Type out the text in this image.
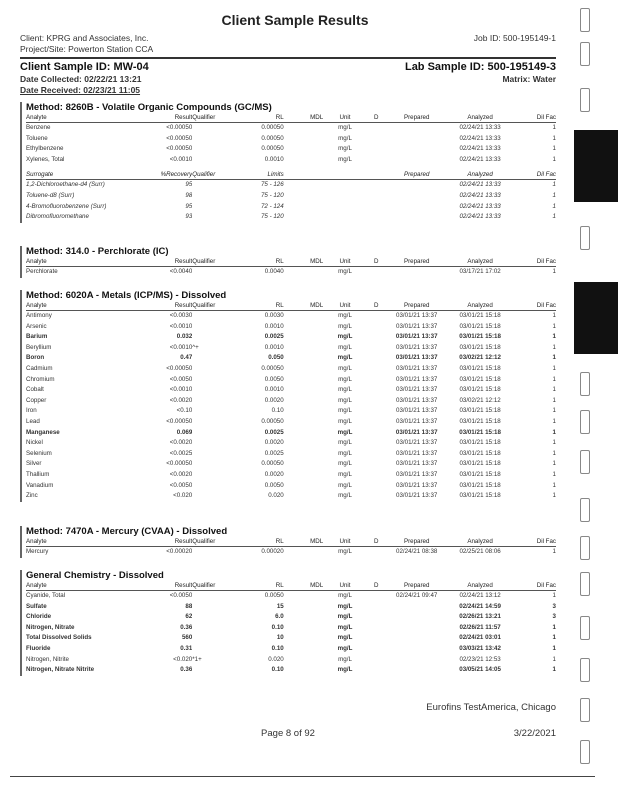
Client Sample Results
Client: KPRG and Associates, Inc.
Project/Site: Powerton Station CCA
Job ID: 500-195149-1
Client Sample ID: MW-04	Lab Sample ID: 500-195149-3
Date Collected: 02/22/21 13:21	Matrix: Water
Date Received: 02/23/21 11:05
Method: 8260B - Volatile Organic Compounds (GC/MS)
Analyte	Result	Qualifier	RL	MDL	Unit	D	Prepared	Analyzed	Dil Fac
Benzene	<0.00050		0.00050		mg/L			02/24/21 13:33	1
Toluene	<0.00050		0.00050		mg/L			02/24/21 13:33	1
Ethylbenzene	<0.00050		0.00050		mg/L			02/24/21 13:33	1
Xylenes, Total	<0.0010		0.0010		mg/L			02/24/21 13:33	1
Surrogate	%Recovery	Qualifier	Limits				Prepared	Analyzed	Dil Fac
1,2-Dichloroethane-d4 (Surr)	95		75 - 126					02/24/21 13:33	1
Toluene-d8 (Surr)	98		75 - 120					02/24/21 13:33	1
4-Bromofluorobenzene (Surr)	95		72 - 124					02/24/21 13:33	1
Dibromofluoromethane	93		75 - 120					02/24/21 13:33	1
Method: 314.0 - Perchlorate (IC)
Analyte	Result	Qualifier	RL	MDL	Unit	D	Prepared	Analyzed	Dil Fac
Perchlorate	<0.0040		0.0040		mg/L			03/17/21 17:02	1
Method: 6020A - Metals (ICP/MS) - Dissolved
Analyte	Result	Qualifier	RL	MDL	Unit	D	Prepared	Analyzed	Dil Fac
Antimony	<0.0030		0.0030		mg/L		03/01/21 13:37	03/01/21 15:18	1
Arsenic	<0.0010		0.0010		mg/L		03/01/21 13:37	03/01/21 15:18	1
Barium	0.032		0.0025		mg/L		03/01/21 13:37	03/01/21 15:18	1
Beryllium	<0.0010	^+	0.0010		mg/L		03/01/21 13:37	03/01/21 15:18	1
Boron	0.47		0.050		mg/L		03/01/21 13:37	03/02/21 12:12	1
Cadmium	<0.00050		0.00050		mg/L		03/01/21 13:37	03/01/21 15:18	1
Chromium	<0.0050		0.0050		mg/L		03/01/21 13:37	03/01/21 15:18	1
Cobalt	<0.0010		0.0010		mg/L		03/01/21 13:37	03/01/21 15:18	1
Copper	<0.0020		0.0020		mg/L		03/01/21 13:37	03/02/21 12:12	1
Iron	<0.10		0.10		mg/L		03/01/21 13:37	03/01/21 15:18	1
Lead	<0.00050		0.00050		mg/L		03/01/21 13:37	03/01/21 15:18	1
Manganese	0.069		0.0025		mg/L		03/01/21 13:37	03/01/21 15:18	1
Nickel	<0.0020		0.0020		mg/L		03/01/21 13:37	03/01/21 15:18	1
Selenium	<0.0025		0.0025		mg/L		03/01/21 13:37	03/01/21 15:18	1
Silver	<0.00050		0.00050		mg/L		03/01/21 13:37	03/01/21 15:18	1
Thallium	<0.0020		0.0020		mg/L		03/01/21 13:37	03/01/21 15:18	1
Vanadium	<0.0050		0.0050		mg/L		03/01/21 13:37	03/01/21 15:18	1
Zinc	<0.020		0.020		mg/L		03/01/21 13:37	03/01/21 15:18	1
Method: 7470A - Mercury (CVAA) - Dissolved
Analyte	Result	Qualifier	RL	MDL	Unit	D	Prepared	Analyzed	Dil Fac
Mercury	<0.00020		0.00020		mg/L		02/24/21 08:38	02/25/21 08:06	1
General Chemistry - Dissolved
Analyte	Result	Qualifier	RL	MDL	Unit	D	Prepared	Analyzed	Dil Fac
Cyanide, Total	<0.0050		0.0050		mg/L		02/24/21 09:47	02/24/21 13:12	1
Sulfate	88		15		mg/L			02/24/21 14:59	3
Chloride	62		6.0		mg/L			02/26/21 13:21	3
Nitrogen, Nitrate	0.36		0.10		mg/L			02/26/21 11:57	1
Total Dissolved Solids	560		10		mg/L			02/24/21 03:01	1
Fluoride	0.31		0.10		mg/L			03/03/21 13:42	1
Nitrogen, Nitrite	<0.020	*1+	0.020		mg/L			02/23/21 12:53	1
Nitrogen, Nitrate Nitrite	0.36		0.10		mg/L			03/05/21 14:05	1
Eurofins TestAmerica, Chicago
Page 8 of 92	3/22/2021
